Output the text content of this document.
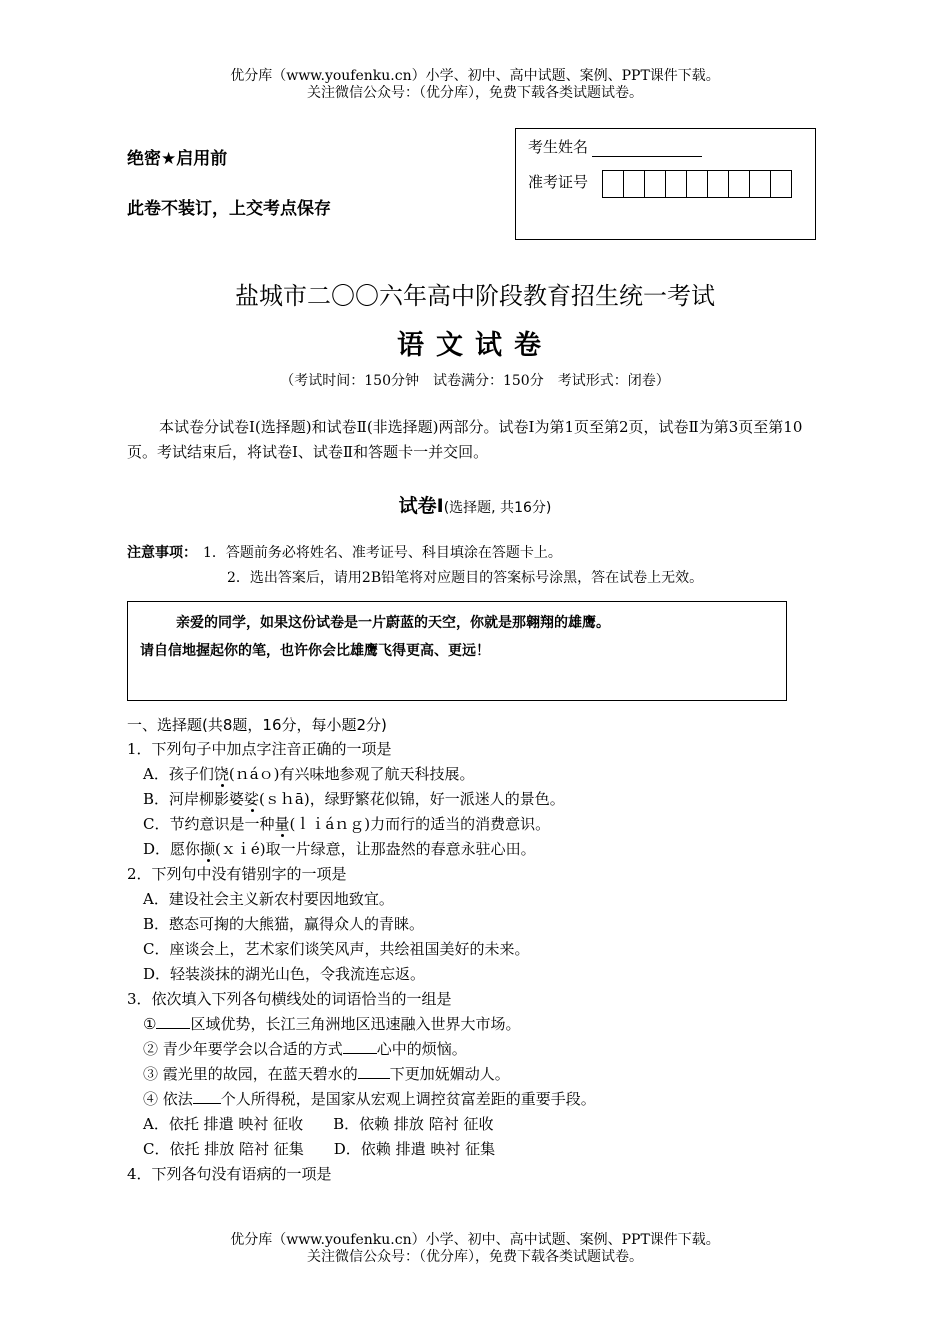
优分库（www.youfenku.cn）小学、初中、高中试题、案例、PPT课件下载。
关注微信公众号：（优分库），免费下载各类试题试卷。
绝密★启用前
此卷不装订，上交考点保存
考生姓名
准考证号
盐城市二〇〇六年高中阶段教育招生统一考试
语文试卷
（考试时间：150分钟　试卷满分：150分　考试形式：闭卷）
本试卷分试卷Ⅰ(选择题)和试卷Ⅱ(非选择题)两部分。试卷Ⅰ为第1页至第2页，试卷Ⅱ为第3页至第10页。考试结束后，将试卷Ⅰ、试卷Ⅱ和答题卡一并交回。
试卷Ⅰ(选择题, 共16分)
注意事项： 1．答题前务必将姓名、准考证号、科目填涂在答题卡上。
2．选出答案后，请用2B铅笔将对应题目的答案标号涂黑，答在试卷上无效。
亲爱的同学，如果这份试卷是一片蔚蓝的天空，你就是那翱翔的雄鹰。
请自信地握起你的笔，也许你会比雄鹰飞得更高、更远！
一、选择题(共8题，16分，每小题2分)
1．下列句子中加点字注音正确的一项是
A．孩子们饶(ｎáｏ)有兴味地参观了航天科技展。
B．河岸柳影婆娑(ｓｈā)，绿野繁花似锦，好一派迷人的景色。
C．节约意识是一种量(ｌｉáｎｇ)力而行的适当的消费意识。
D．愿你撷(ｘｉé)取一片绿意，让那盎然的春意永驻心田。
2．下列句中没有错别字的一项是
A．建设社会主义新农村要因地致宜。
B．憨态可掬的大熊猫，赢得众人的青睐。
C．座谈会上，艺术家们谈笑风声，共绘祖国美好的未来。
D．轻装淡抹的湖光山色，令我流连忘返。
3．依次填入下列各句横线处的词语恰当的一组是
① 区域优势，长江三角洲地区迅速融入世界大市场。
② 青少年要学会以合适的方式 心中的烦恼。
③ 霞光里的故园，在蓝天碧水的 下更加妩媚动人。
④ 依法 个人所得税，是国家从宏观上调控贫富差距的重要手段。
A．依托 排遣 映衬 征收　　B．依赖 排放 陪衬 征收
C．依托 排放 陪衬 征集　　D．依赖 排遣 映衬 征集
4．下列各句没有语病的一项是
优分库（www.youfenku.cn）小学、初中、高中试题、案例、PPT课件下载。
关注微信公众号：（优分库），免费下载各类试题试卷。
